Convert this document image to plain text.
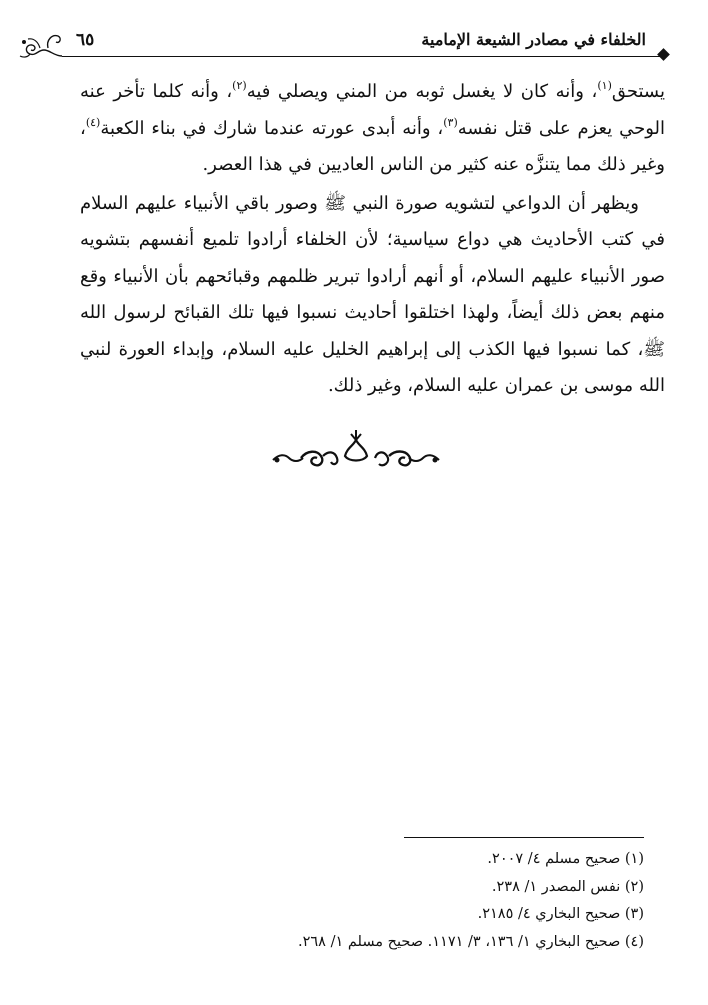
٦٥	الخلفاء في مصادر الشيعة الإمامية

يستحق$^{(١)}$، وأنه كان لا يغسل ثوبه من المني ويصلي فيه$^{(٢)}$، وأنه كلما تأخر عنه الوحي يعزم على قتل نفسه$^{(٣)}$، وأنه أبدى عورته عندما شارك في بناء الكعبة$^{(٤)}$، وغير ذلك مما يتنزَّه عنه كثير من الناس العاديين في هذا العصر.

ويظهر أن الدواعي لتشويه صورة النبي ﷺ وصور باقي الأنبياء عليهم السلام في كتب الأحاديث هي دواع سياسية؛ لأن الخلفاء أرادوا تلميع أنفسهم بتشويه صور الأنبياء عليهم السلام، أو أنهم أرادوا تبرير ظلمهم وقبائحهم بأن الأنبياء وقع منهم بعض ذلك أيضاً، ولهذا اختلقوا أحاديث نسبوا فيها تلك القبائح لرسول الله ﷺ، كما نسبوا فيها الكذب إلى إبراهيم الخليل عليه السلام، وإبداء العورة لنبي الله موسى بن عمران عليه السلام، وغير ذلك.

(١) صحيح مسلم ٤/ ٢٠٠٧.
(٢) نفس المصدر ١/ ٢٣٨.
(٣) صحيح البخاري ٤/ ٢١٨٥.
(٤) صحيح البخاري ١/ ١٣٦، ٣/ ١١٧١. صحيح مسلم ١/ ٢٦٨.
